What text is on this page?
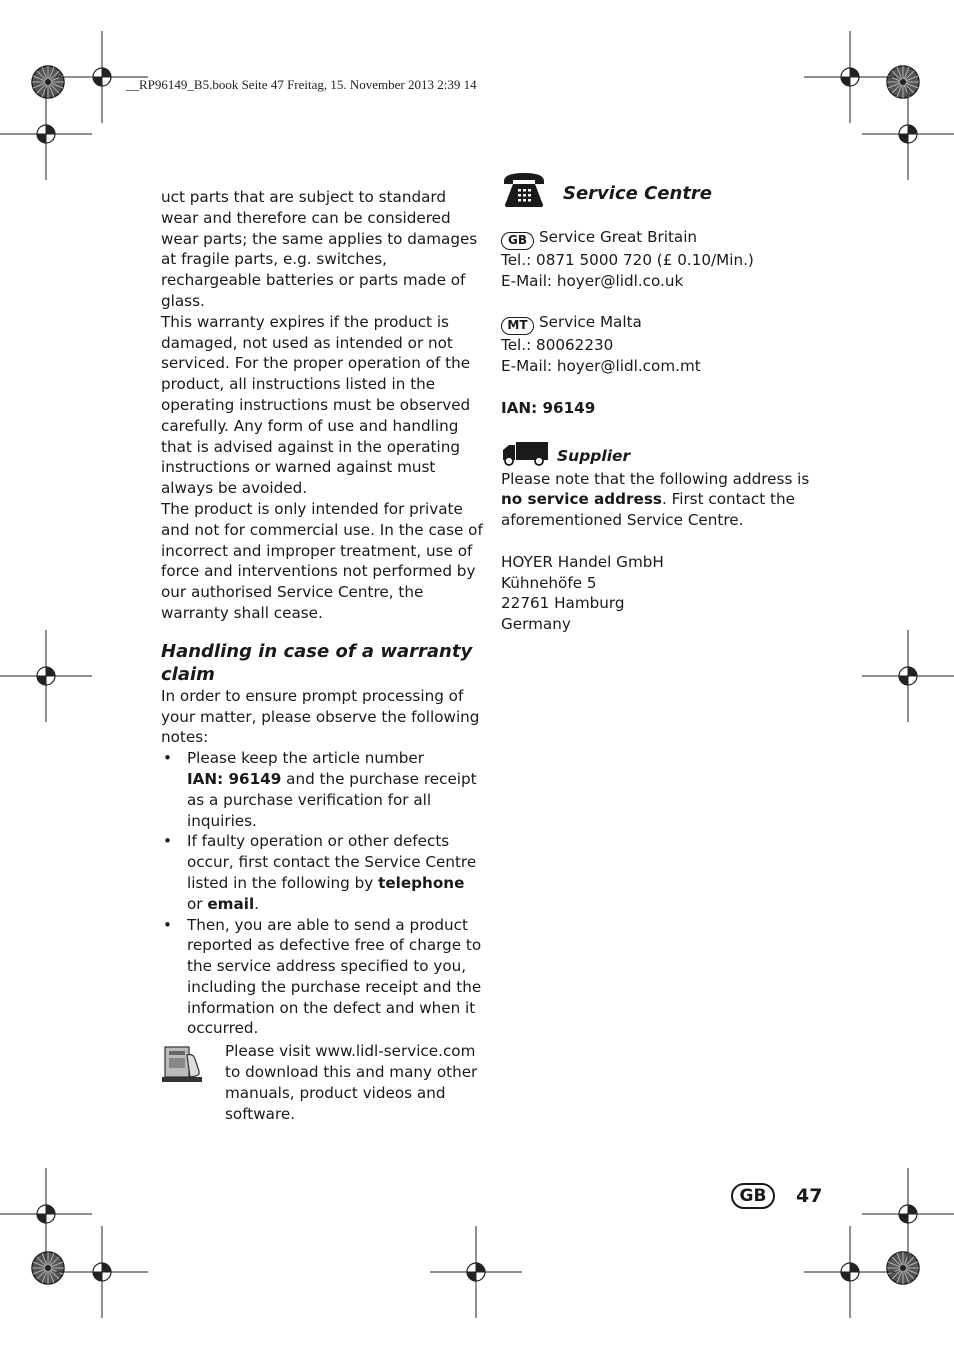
__RP96149_B5.book Seite 47 Freitag, 15. November 2013 2:39 14

uct parts that are subject to standard wear and therefore can be considered wear parts; the same applies to damages at fragile parts, e.g. switches, rechargeable batteries or parts made of glass.

This warranty expires if the product is damaged, not used as intended or not serviced. For the proper operation of the product, all instructions listed in the operating instructions must be observed carefully. Any form of use and handling that is advised against in the operating instructions or warned against must always be avoided.

The product is only intended for private and not for commercial use. In the case of incorrect and improper treatment, use of force and interventions not performed by our authorised Service Centre, the warranty shall cease.

Handling in case of a warranty claim

In order to ensure prompt processing of your matter, please observe the following notes:

• Please keep the article number
IAN: 96149 and the purchase receipt as a purchase verification for all inquiries.
• If faulty operation or other defects occur, first contact the Service Centre listed in the following by telephone or email.
• Then, you are able to send a product reported as defective free of charge to the service address specified to you, including the purchase receipt and the information on the defect and when it occurred.
Please visit www.lidl-service.com to download this and many other manuals, product videos and software.
Service Centre

GB Service Great Britain

Tel.: 0871 5000 720 (£ 0.10/Min.)

E-Mail: hoyer@lidl.co.uk

MT Service Malta

Tel.: 80062230

E-Mail: hoyer@lidl.com.mt

IAN: 96149

Supplier

Please note that the following address is no service address. First contact the aforementioned Service Centre.

HOYER Handel GmbH

Kühnehöfe 5

22761 Hamburg

Germany

GB	47
